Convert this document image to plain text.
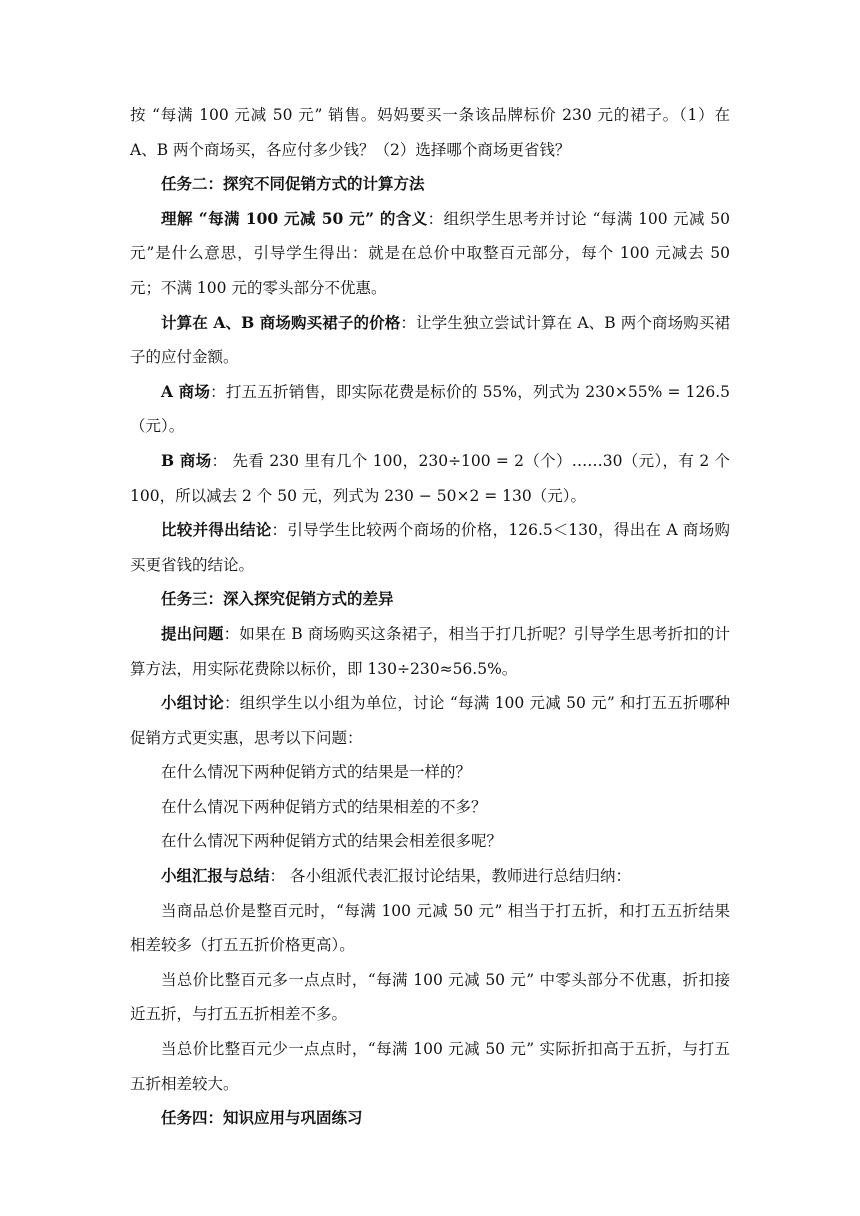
按 “每满 100 元减 50 元” 销售。妈妈要买一条该品牌标价 230 元的裙子。（1）在 A、B 两个商场买，各应付多少钱？（2）选择哪个商场更省钱？

任务二：探究不同促销方式的计算方法

理解 “每满 100 元减 50 元” 的含义：组织学生思考并讨论 “每满 100 元减 50 元”是什么意思，引导学生得出：就是在总价中取整百元部分，每个 100 元减去 50 元；不满 100 元的零头部分不优惠。

计算在 A、B 商场购买裙子的价格：让学生独立尝试计算在 A、B 两个商场购买裙子的应付金额。

A 商场：打五五折销售，即实际花费是标价的 55%，列式为 230×55% = 126.5（元）。

B 商场： 先看 230 里有几个 100，230÷100 = 2（个）……30（元），有 2 个 100，所以减去 2 个 50 元，列式为 230 − 50×2 = 130（元）。

比较并得出结论：引导学生比较两个商场的价格，126.5＜130，得出在 A 商场购买更省钱的结论。

任务三：深入探究促销方式的差异

提出问题：如果在 B 商场购买这条裙子，相当于打几折呢？引导学生思考折扣的计算方法，用实际花费除以标价，即 130÷230≈56.5%。

小组讨论：组织学生以小组为单位，讨论 “每满 100 元减 50 元” 和打五五折哪种促销方式更实惠，思考以下问题：

在什么情况下两种促销方式的结果是一样的？

在什么情况下两种促销方式的结果相差的不多？

在什么情况下两种促销方式的结果会相差很多呢？

小组汇报与总结： 各小组派代表汇报讨论结果，教师进行总结归纳：

当商品总价是整百元时，“每满 100 元减 50 元” 相当于打五折，和打五五折结果相差较多（打五五折价格更高）。

当总价比整百元多一点点时，“每满 100 元减 50 元” 中零头部分不优惠，折扣接近五折，与打五五折相差不多。

当总价比整百元少一点点时，“每满 100 元减 50 元” 实际折扣高于五折，与打五五折相差较大。

任务四：知识应用与巩固练习
